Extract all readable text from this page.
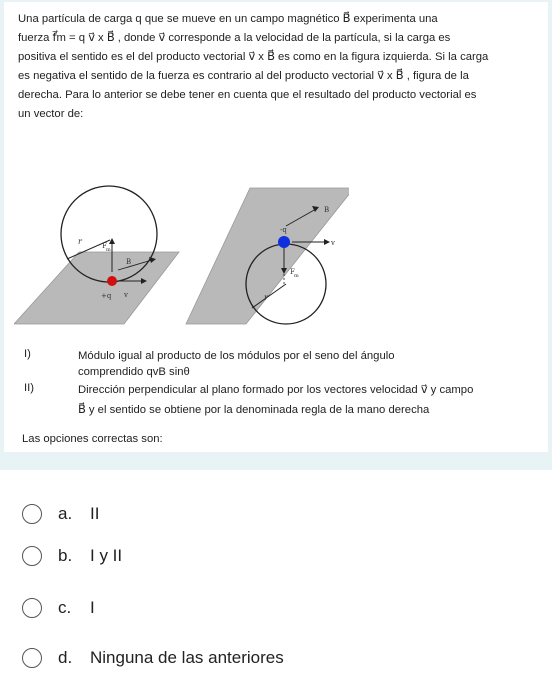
Una partícula de carga q que se mueve en un campo magnético B⃗ experimenta una
fuerza f⃗m = q v⃗ x B⃗ , donde v⃗ corresponde a la velocidad de la partícula, si la carga es
positiva el sentido es el del producto vectorial v⃗ x B⃗ es como en la figura izquierda. Si la carga
es negativa el sentido de la fuerza es contrario al del producto vectorial v⃗ x B⃗ , figura de la
derecha. Para lo anterior se debe tener en cuenta que el resultado del producto vectorial es
un vector de:
r	F m
B
+q v
B
-q
v
F m
r
I)	Módulo igual al producto de los módulos por el seno del ángulo
comprendido qvB sinθ
II)	Dirección perpendicular al plano formado por los vectores velocidad v⃗ y campo
B⃗ y el sentido se obtiene por la denominada regla de la mano derecha
Las opciones correctas son:
a. II
b. I y II
c. I
d. Ninguna de las anteriores
